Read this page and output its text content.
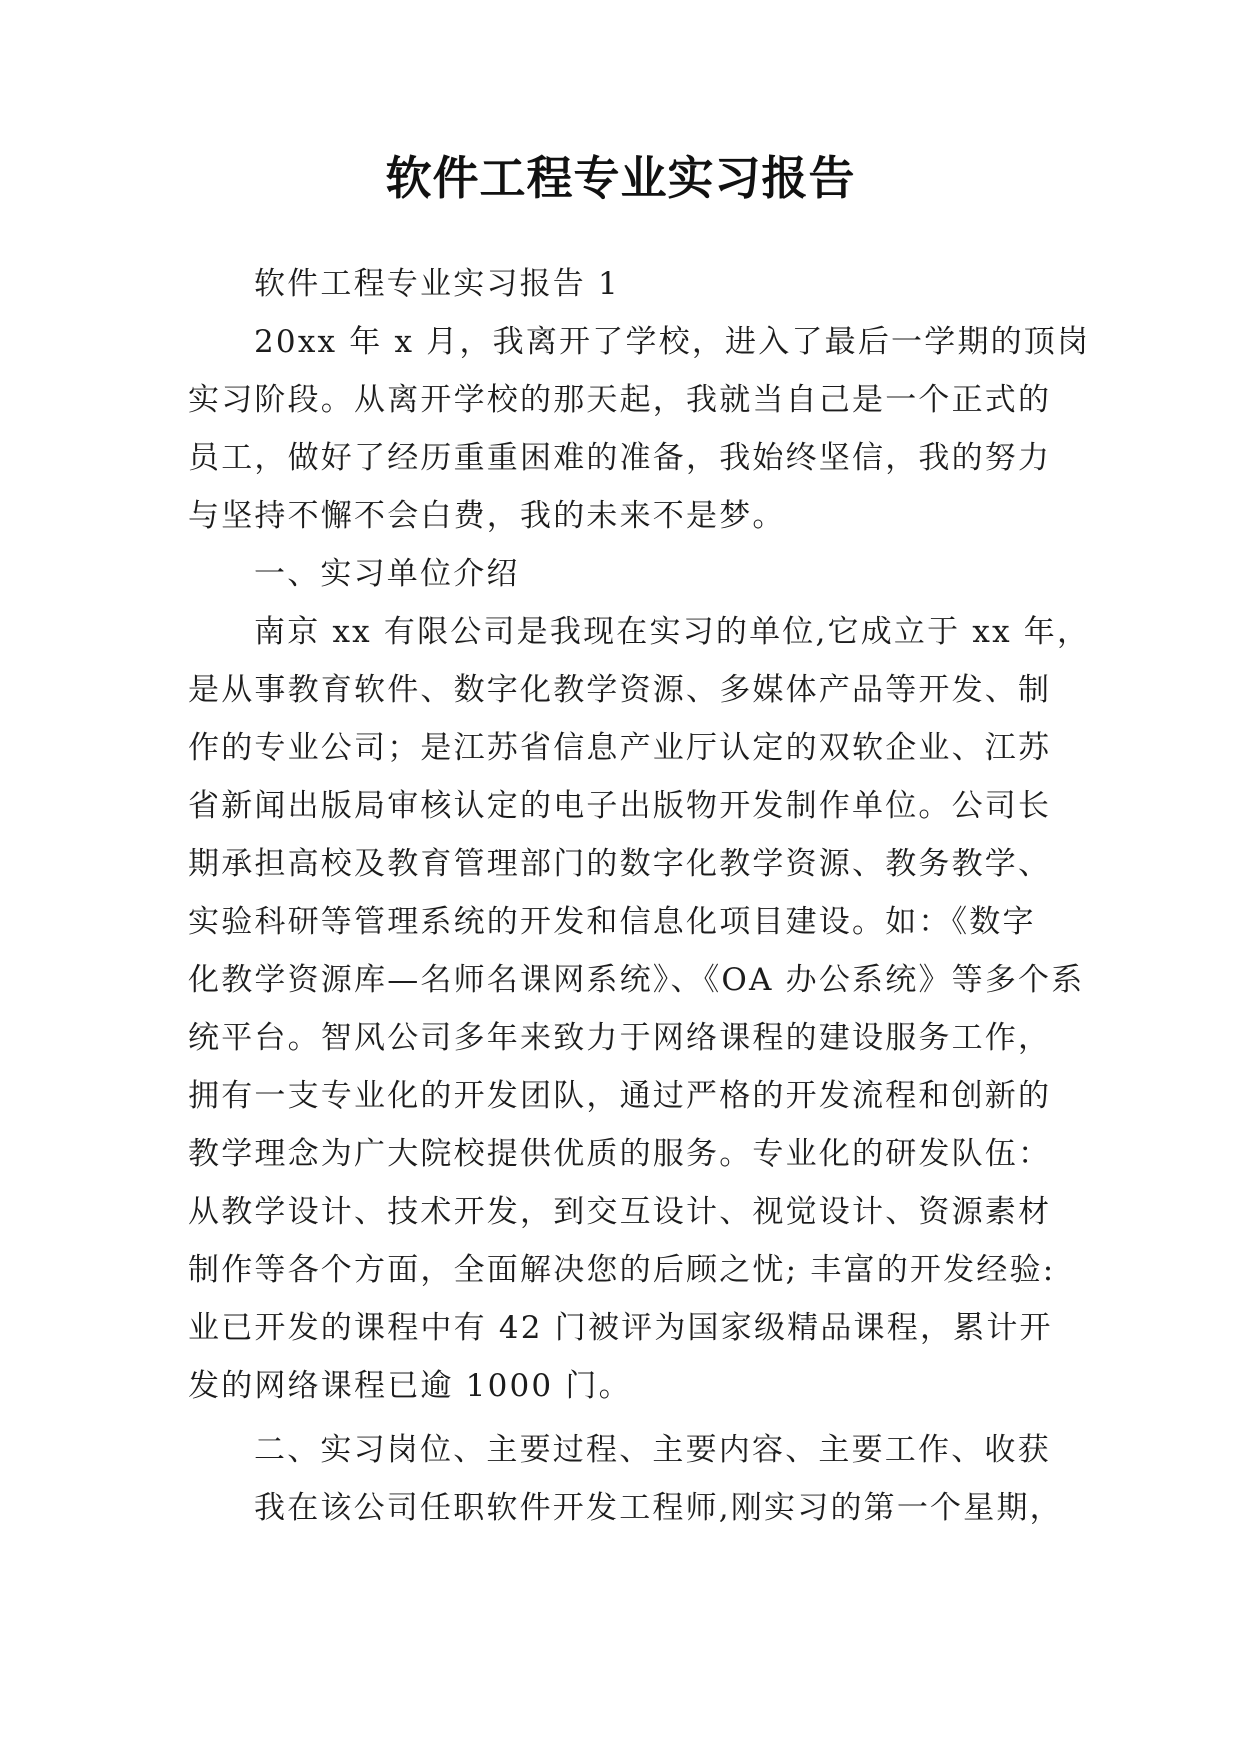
软件工程专业实习报告
软件工程专业实习报告 1
20xx 年 x 月，我离开了学校，进入了最后一学期的顶岗
实习阶段。从离开学校的那天起，我就当自己是一个正式的
员工，做好了经历重重困难的准备，我始终坚信，我的努力
与坚持不懈不会白费，我的未来不是梦。
一、实习单位介绍
南京 xx 有限公司是我现在实习的单位,它成立于 xx 年，
是从事教育软件、数字化教学资源、多媒体产品等开发、制
作的专业公司；是江苏省信息产业厅认定的双软企业、江苏
省新闻出版局审核认定的电子出版物开发制作单位。公司长
期承担高校及教育管理部门的数字化教学资源、教务教学、
实验科研等管理系统的开发和信息化项目建设。如：《数字
化教学资源库—名师名课网系统》、《OA 办公系统》等多个系
统平台。智风公司多年来致力于网络课程的建设服务工作，
拥有一支专业化的开发团队，通过严格的开发流程和创新的
教学理念为广大院校提供优质的服务。专业化的研发队伍：
从教学设计、技术开发，到交互设计、视觉设计、资源素材
制作等各个方面，全面解决您的后顾之忧; 丰富的开发经验:
业已开发的课程中有 42 门被评为国家级精品课程，累计开
发的网络课程已逾 1000 门。
二、实习岗位、主要过程、主要内容、主要工作、收获
我在该公司任职软件开发工程师,刚实习的第一个星期，
